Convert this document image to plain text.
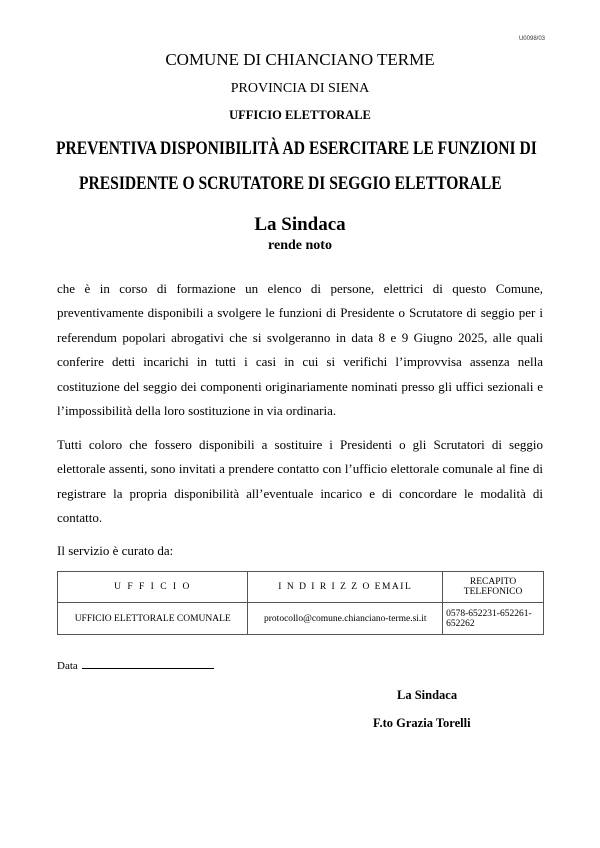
U0098/03
COMUNE DI CHIANCIANO TERME
PROVINCIA DI SIENA
UFFICIO ELETTORALE
PREVENTIVA DISPONIBILITÀ AD ESERCITARE LE FUNZIONI DI
PRESIDENTE O SCRUTATORE DI SEGGIO ELETTORALE
La Sindaca
rende noto

che è in corso di formazione un elenco di persone, elettrici di questo Comune, preventivamente disponibili a svolgere le funzioni di Presidente o Scrutatore di seggio per i referendum popolari abrogativi che si svolgeranno in data 8 e 9 Giugno 2025, alle quali conferire detti incarichi in tutti i casi in cui si verifichi l’improvvisa assenza nella costituzione del seggio dei componenti originariamente nominati presso gli uffici sezionali e l’impossibilità della loro sostituzione in via ordinaria.

Tutti coloro che fossero disponibili a sostituire i Presidenti o gli Scrutatori di seggio elettorale assenti, sono invitati a prendere contatto con l’ufficio elettorale comunale al fine di registrare la propria disponibilità all’eventuale incarico e di concordare le modalità di contatto.

Il servizio è curato da:

U F F I C I O	I N D I R I Z Z O EMAIL	RECAPITO TELEFONICO
UFFICIO ELETTORALE COMUNALE	protocollo@comune.chianciano-terme.si.it	0578-652231-652261-652262
Data
La Sindaca
F.to Grazia Torelli
